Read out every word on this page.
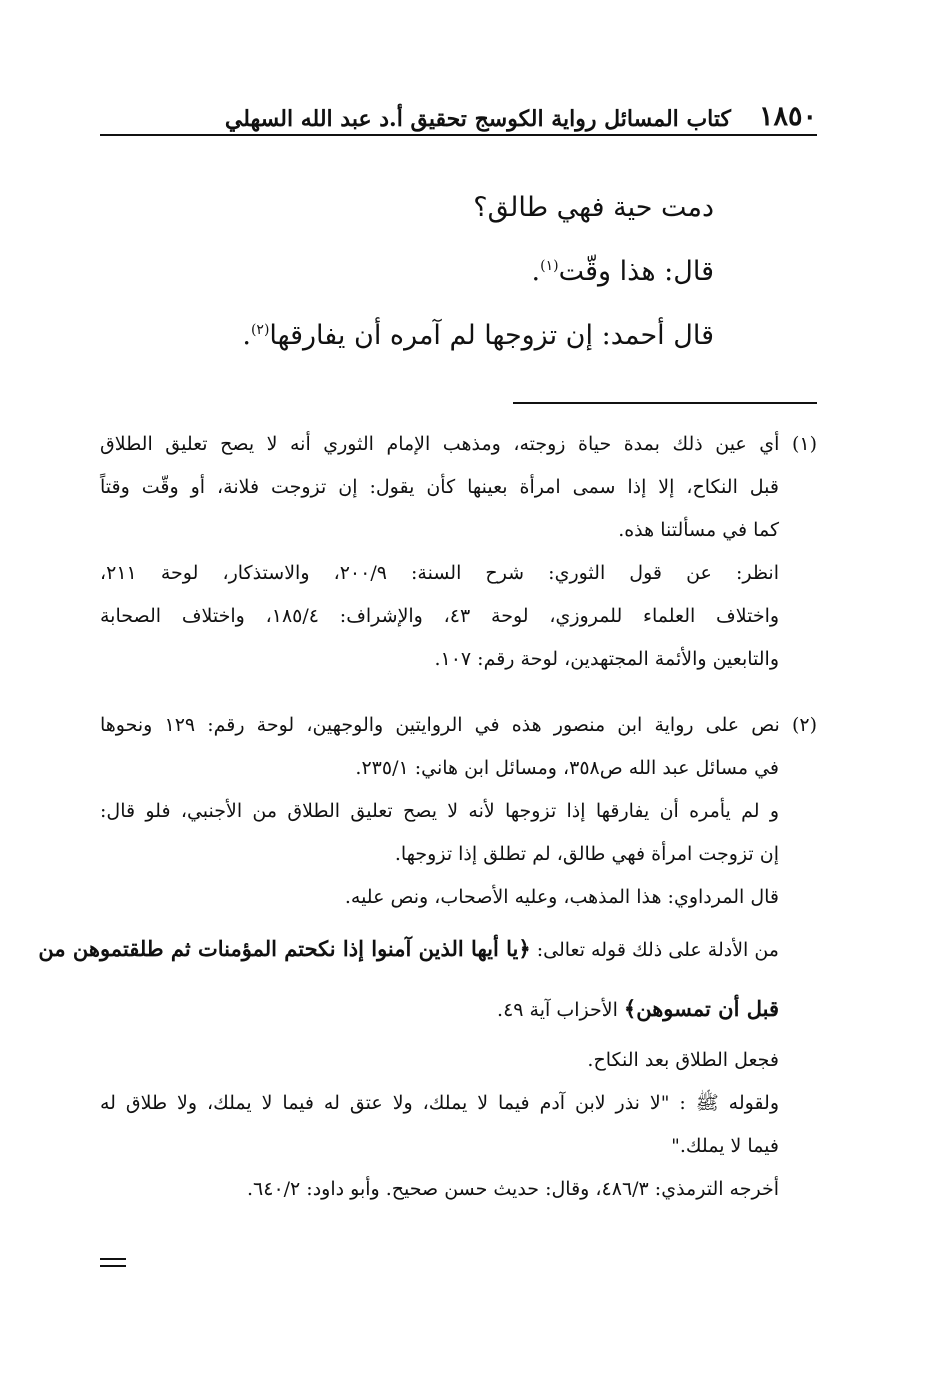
١٨٥٠
كتاب المسائل رواية الكوسج تحقيق أ.د عبد الله السهلي
دمت حية فهي طالق؟
قال: هذا وقّت$^{(١)}$.
قال أحمد: إن تزوجها لم آمره أن يفارقها$^{(٢)}$.
(١) أي عين ذلك بمدة حياة زوجته، ومذهب الإمام الثوري أنه لا يصح تعليق الطلاق
قبل النكاح، إلا إذا سمى امرأة بعينها كأن يقول: إن تزوجت فلانة، أو وقّت وقتاً
كما في مسألتنا هذه.
انظر: عن قول الثوري: شرح السنة: ٢٠٠/٩، والاستذكار، لوحة ٢١١،
واختلاف العلماء للمروزي، لوحة ٤٣، والإشراف: ١٨٥/٤، واختلاف الصحابة
والتابعين والأئمة المجتهدين، لوحة رقم: ١٠٧.
(٢) نص على رواية ابن منصور هذه في الروايتين والوجهين، لوحة رقم: ١٢٩ ونحوها
في مسائل عبد الله ص٣٥٨، ومسائل ابن هاني: ٢٣٥/١.
و لم يأمره أن يفارقها إذا تزوجها لأنه لا يصح تعليق الطلاق من الأجنبي، فلو قال:
إن تزوجت امرأة فهي طالق، لم تطلق إذا تزوجها.
قال المرداوي: هذا المذهب، وعليه الأصحاب، ونص عليه.
من الأدلة على ذلك قوله تعالى: ﴿يا أيها الذين آمنوا إذا نكحتم المؤمنات ثم طلقتموهن من
قبل أن تمسوهن﴾ الأحزاب آية ٤٩.
فجعل الطلاق بعد النكاح.
ولقوله ﷺ : "لا نذر لابن آدم فيما لا يملك، ولا عتق له فيما لا يملك، ولا طلاق له
فيما لا يملك."
أخرجه الترمذي: ٤٨٦/٣، وقال: حديث حسن صحيح. وأبو داود: ٦٤٠/٢.
